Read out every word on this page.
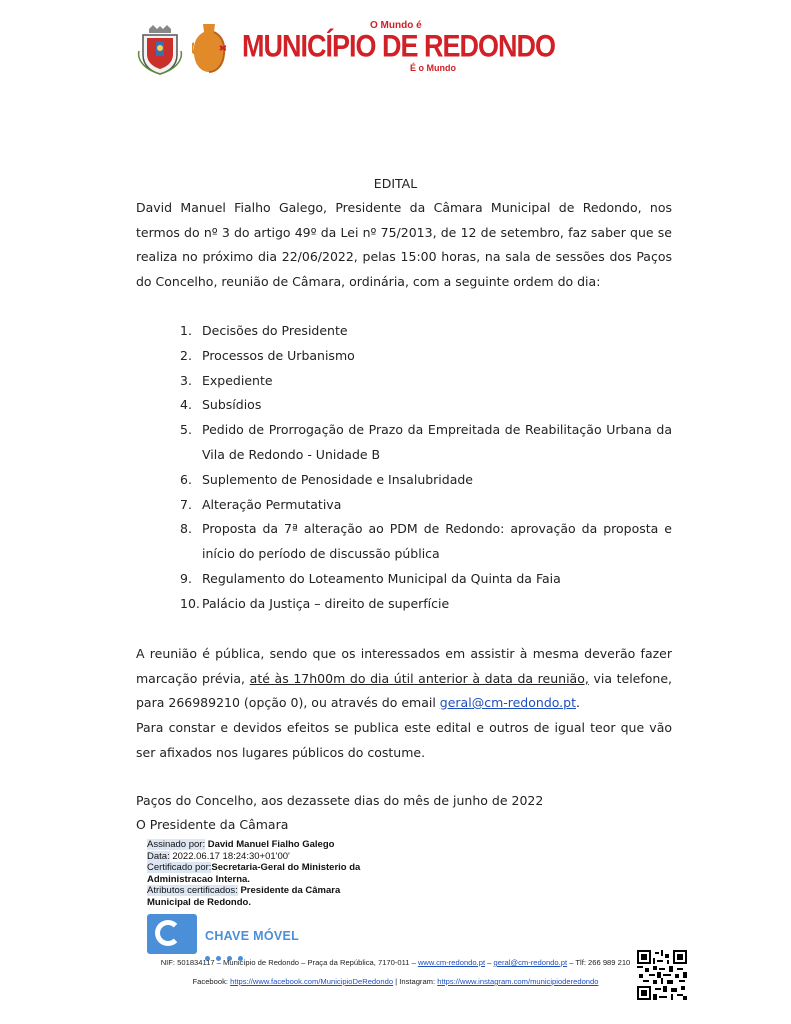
O Mundo é
MUNICÍPIO DE REDONDO
É o Mundo
EDITAL
David Manuel Fialho Galego, Presidente da Câmara Municipal de Redondo, nos termos do nº 3 do artigo 49º da Lei nº 75/2013, de 12 de setembro, faz saber que se realiza no próximo dia 22/06/2022, pelas 15:00 horas, na sala de sessões dos Paços do Concelho, reunião de Câmara, ordinária, com a seguinte ordem do dia:
1. Decisões do Presidente
2. Processos de Urbanismo
3. Expediente
4. Subsídios
5. Pedido de Prorrogação de Prazo da Empreitada de Reabilitação Urbana da Vila de Redondo - Unidade B
6. Suplemento de Penosidade e Insalubridade
7. Alteração Permutativa
8. Proposta da 7ª alteração ao PDM de Redondo: aprovação da proposta e início do período de discussão pública
9. Regulamento do Loteamento Municipal da Quinta da Faia
10. Palácio da Justiça – direito de superfície
A reunião é pública, sendo que os interessados em assistir à mesma deverão fazer marcação prévia, até às 17h00m do dia útil anterior à data da reunião, via telefone, para 266989210 (opção 0), ou através do email geral@cm-redondo.pt.
Para constar e devidos efeitos se publica este edital e outros de igual teor que vão ser afixados nos lugares públicos do costume.
Paços do Concelho, aos dezassete dias do mês de junho de 2022
O Presidente da Câmara
Assinado por: David Manuel Fialho Galego
Data: 2022.06.17 18:24:30+01'00'
Certificado por:Secretaria-Geral do Ministerio da
Administracao Interna.
Atributos certificados: Presidente da Câmara
Municipal de Redondo.
CHAVE MÓVEL
NIF: 501834117 – Município de Redondo – Praça da República, 7170-011 – www.cm-redondo.pt – geral@cm-redondo.pt – Tlf: 266 989 210
Facebook: https://www.facebook.com/MunicipioDeRedondo | Instagram: https://www.instagram.com/municipioderedondo
